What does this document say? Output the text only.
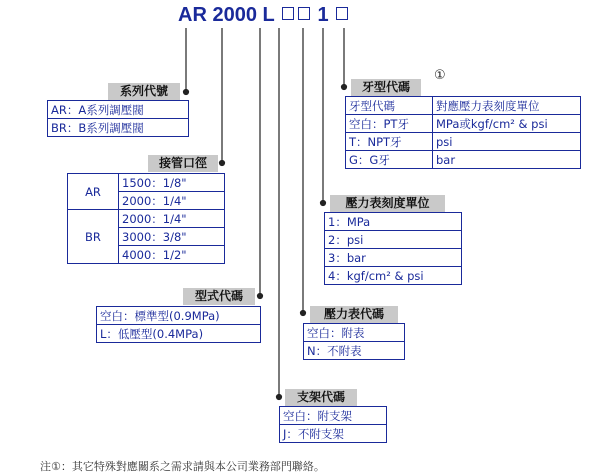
AR 2000 L 1
系列代號
AR：A系列調壓閥
BR：B系列調壓閥
接管口徑
AR	1500：1/8"
	2000：1/4"
BR	2000：1/4"
	3000：3/8"
	4000：1/2"
型式代碼
空白：標準型(0.9MPa)
L：低壓型(0.4MPa)
牙型代碼
①
牙型代碼	對應壓力表刻度單位
空白：PT牙	MPa或kgf/cm² & psi
T：NPT牙	psi
G：G牙	bar
壓力表刻度單位
1：MPa
2：psi
3：bar
4：kgf/cm² & psi
壓力表代碼
空白：附表
N：不附表
支架代碼
空白：附支架
J：不附支架
注①：其它特殊對應關系之需求請與本公司業務部門聯絡。
